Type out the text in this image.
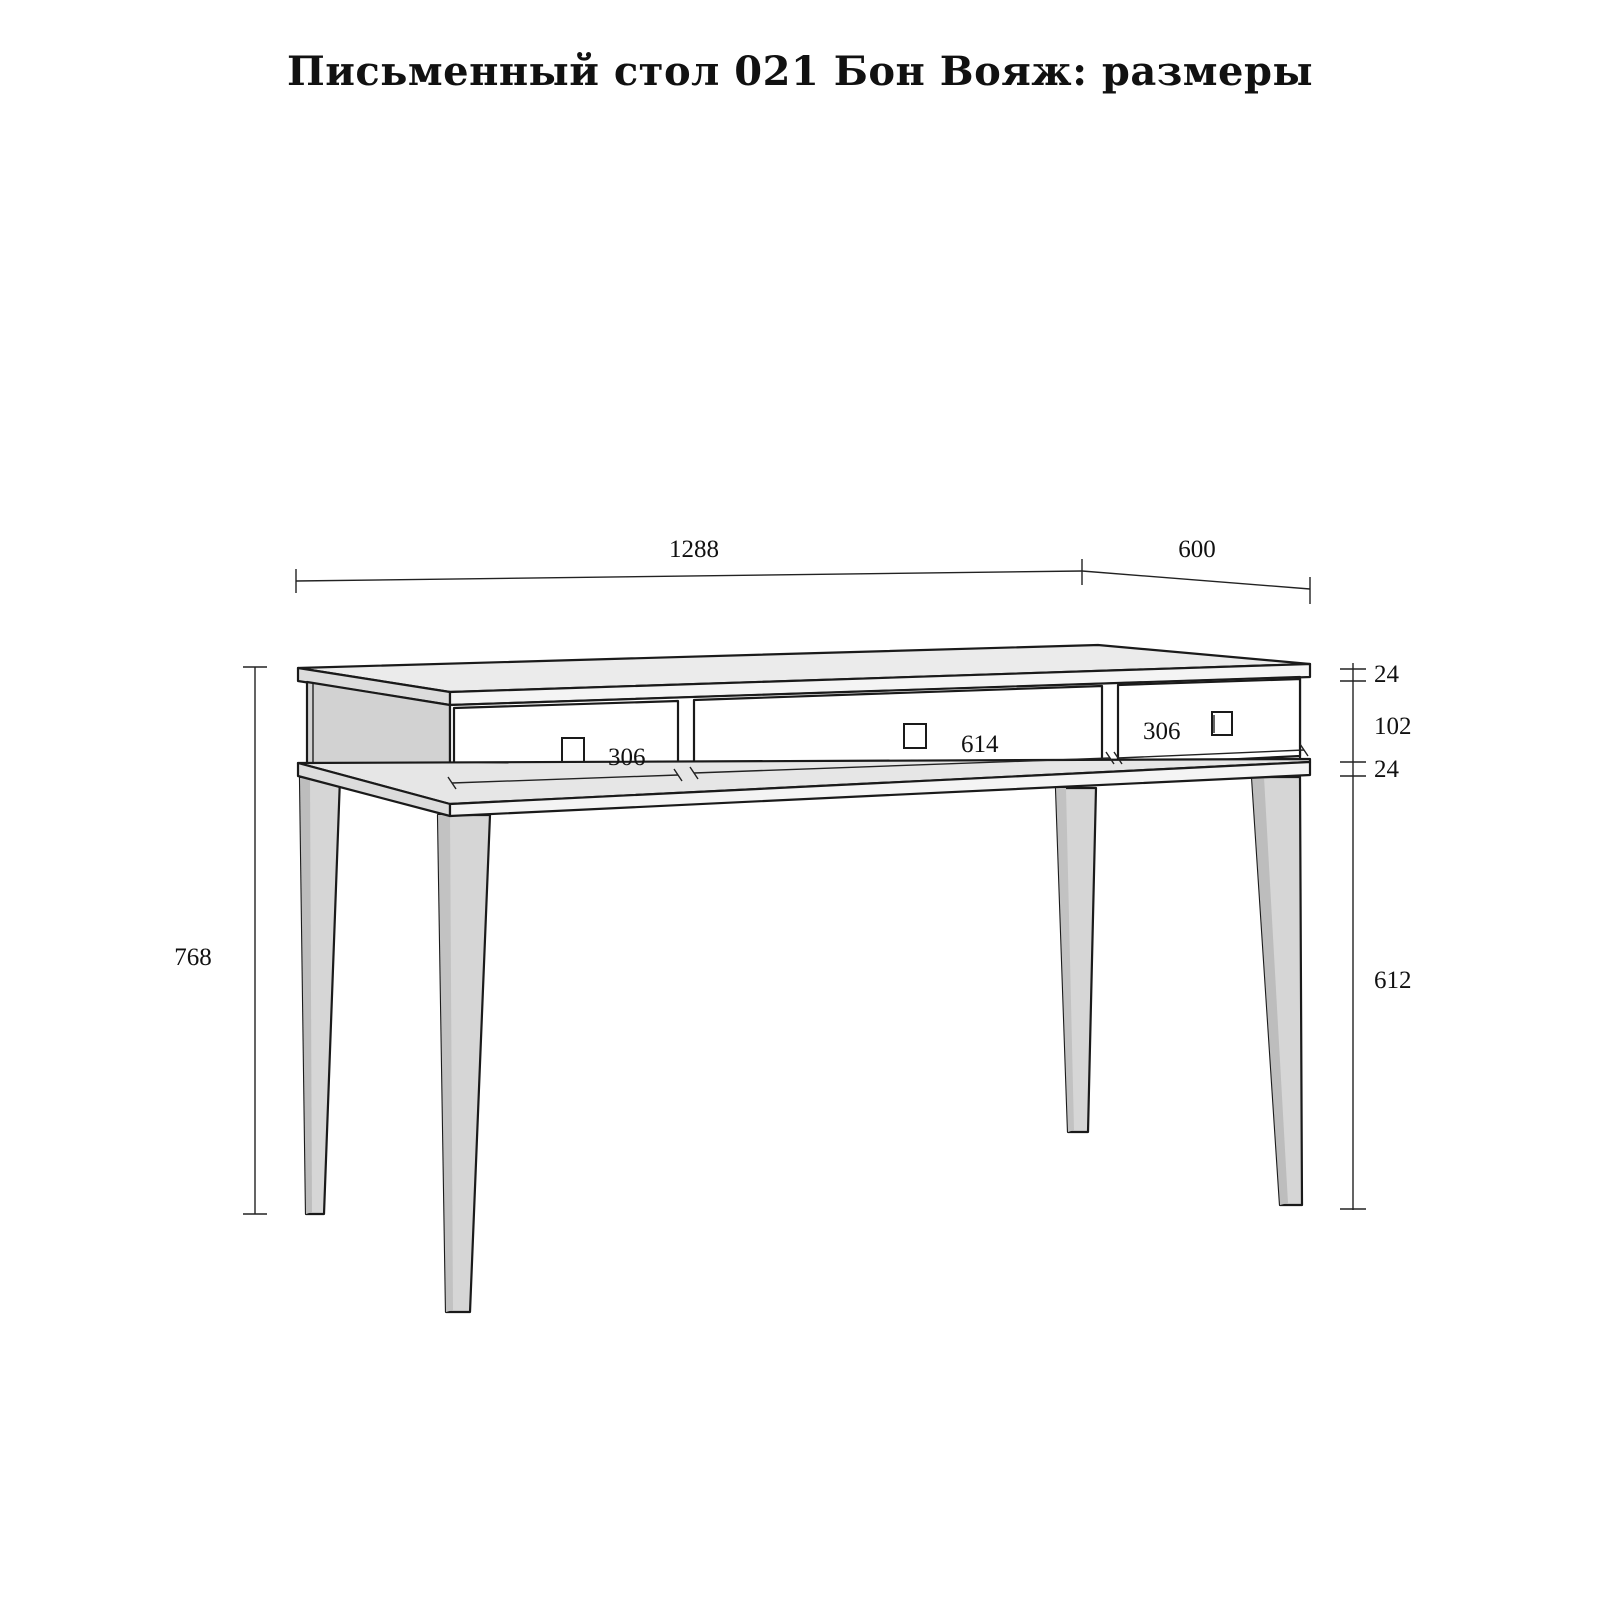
Письменный стол 021 Бон Вояж: размеры
1288	600
768
24
102
24
612
306	614	306
